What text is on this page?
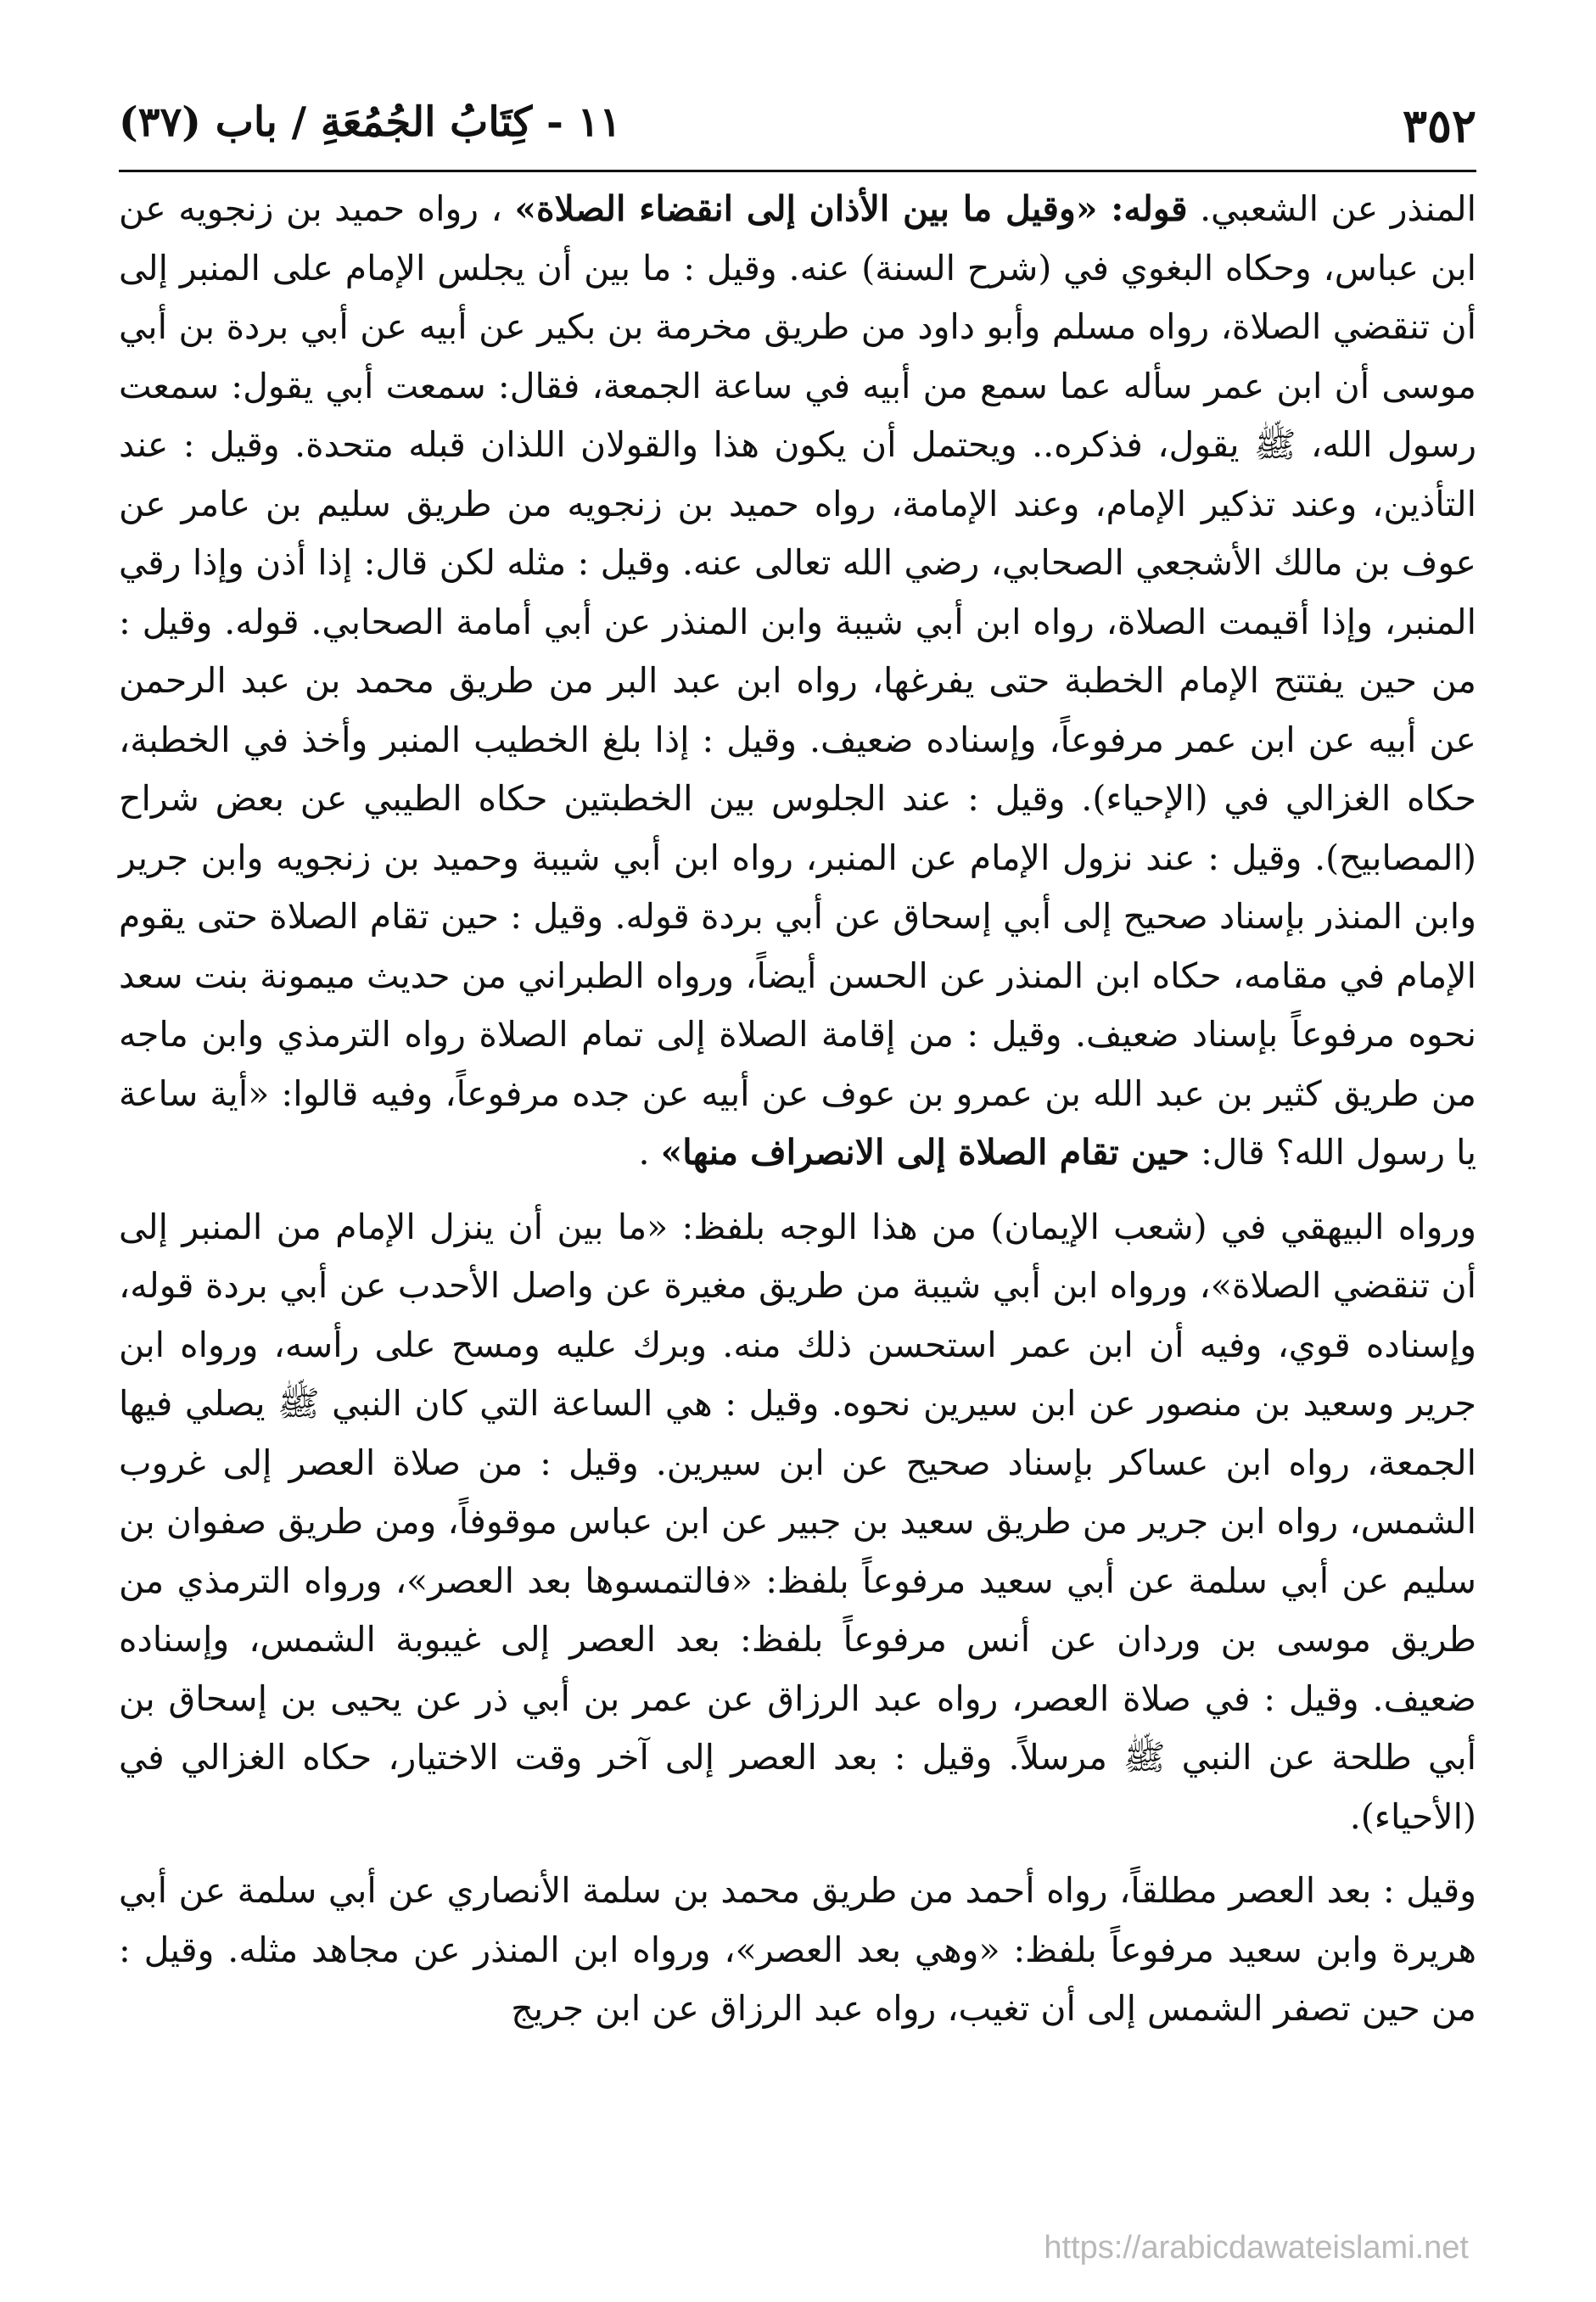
٣٥٢
١١ - كِتَابُ الجُمُعَةِ / باب (٣٧)

المنذر عن الشعبي. قوله: «وقيل ما بين الأذان إلى انقضاء الصلاة» ، رواه حميد بن زنجويه عن ابن عباس، وحكاه البغوي في (شرح السنة) عنه. وقيل : ما بين أن يجلس الإمام على المنبر إلى أن تنقضي الصلاة، رواه مسلم وأبو داود من طريق مخرمة بن بكير عن أبيه عن أبي بردة بن أبي موسى أن ابن عمر سأله عما سمع من أبيه في ساعة الجمعة، فقال: سمعت أبي يقول: سمعت رسول الله، ﷺ يقول، فذكره.. ويحتمل أن يكون هذا والقولان اللذان قبله متحدة. وقيل : عند التأذين، وعند تذكير الإمام، وعند الإمامة، رواه حميد بن زنجويه من طريق سليم بن عامر عن عوف بن مالك الأشجعي الصحابي، رضي الله تعالى عنه. وقيل : مثله لكن قال: إذا أذن وإذا رقي المنبر، وإذا أقيمت الصلاة، رواه ابن أبي شيبة وابن المنذر عن أبي أمامة الصحابي. قوله. وقيل : من حين يفتتح الإمام الخطبة حتى يفرغها، رواه ابن عبد البر من طريق محمد بن عبد الرحمن عن أبيه عن ابن عمر مرفوعاً، وإسناده ضعيف. وقيل : إذا بلغ الخطيب المنبر وأخذ في الخطبة، حكاه الغزالي في (الإحياء). وقيل : عند الجلوس بين الخطبتين حكاه الطيبي عن بعض شراح (المصابيح). وقيل : عند نزول الإمام عن المنبر، رواه ابن أبي شيبة وحميد بن زنجويه وابن جرير وابن المنذر بإسناد صحيح إلى أبي إسحاق عن أبي بردة قوله. وقيل : حين تقام الصلاة حتى يقوم الإمام في مقامه، حكاه ابن المنذر عن الحسن أيضاً، ورواه الطبراني من حديث ميمونة بنت سعد نحوه مرفوعاً بإسناد ضعيف. وقيل : من إقامة الصلاة إلى تمام الصلاة رواه الترمذي وابن ماجه من طريق كثير بن عبد الله بن عمرو بن عوف عن أبيه عن جده مرفوعاً، وفيه قالوا: «أية ساعة يا رسول الله؟ قال: حين تقام الصلاة إلى الانصراف منها» .

ورواه البيهقي في (شعب الإيمان) من هذا الوجه بلفظ: «ما بين أن ينزل الإمام من المنبر إلى أن تنقضي الصلاة»، ورواه ابن أبي شيبة من طريق مغيرة عن واصل الأحدب عن أبي بردة قوله، وإسناده قوي، وفيه أن ابن عمر استحسن ذلك منه. وبرك عليه ومسح على رأسه، ورواه ابن جرير وسعيد بن منصور عن ابن سيرين نحوه. وقيل : هي الساعة التي كان النبي ﷺ يصلي فيها الجمعة، رواه ابن عساكر بإسناد صحيح عن ابن سيرين. وقيل : من صلاة العصر إلى غروب الشمس، رواه ابن جرير من طريق سعيد بن جبير عن ابن عباس موقوفاً، ومن طريق صفوان بن سليم عن أبي سلمة عن أبي سعيد مرفوعاً بلفظ: «فالتمسوها بعد العصر»، ورواه الترمذي من طريق موسى بن وردان عن أنس مرفوعاً بلفظ: بعد العصر إلى غيبوبة الشمس، وإسناده ضعيف. وقيل : في صلاة العصر، رواه عبد الرزاق عن عمر بن أبي ذر عن يحيى بن إسحاق بن أبي طلحة عن النبي ﷺ مرسلاً. وقيل : بعد العصر إلى آخر وقت الاختيار، حكاه الغزالي في (الأحياء).

وقيل : بعد العصر مطلقاً، رواه أحمد من طريق محمد بن سلمة الأنصاري عن أبي سلمة عن أبي هريرة وابن سعيد مرفوعاً بلفظ: «وهي بعد العصر»، ورواه ابن المنذر عن مجاهد مثله. وقيل : من حين تصفر الشمس إلى أن تغيب، رواه عبد الرزاق عن ابن جريج

https://arabicdawateislami.net
